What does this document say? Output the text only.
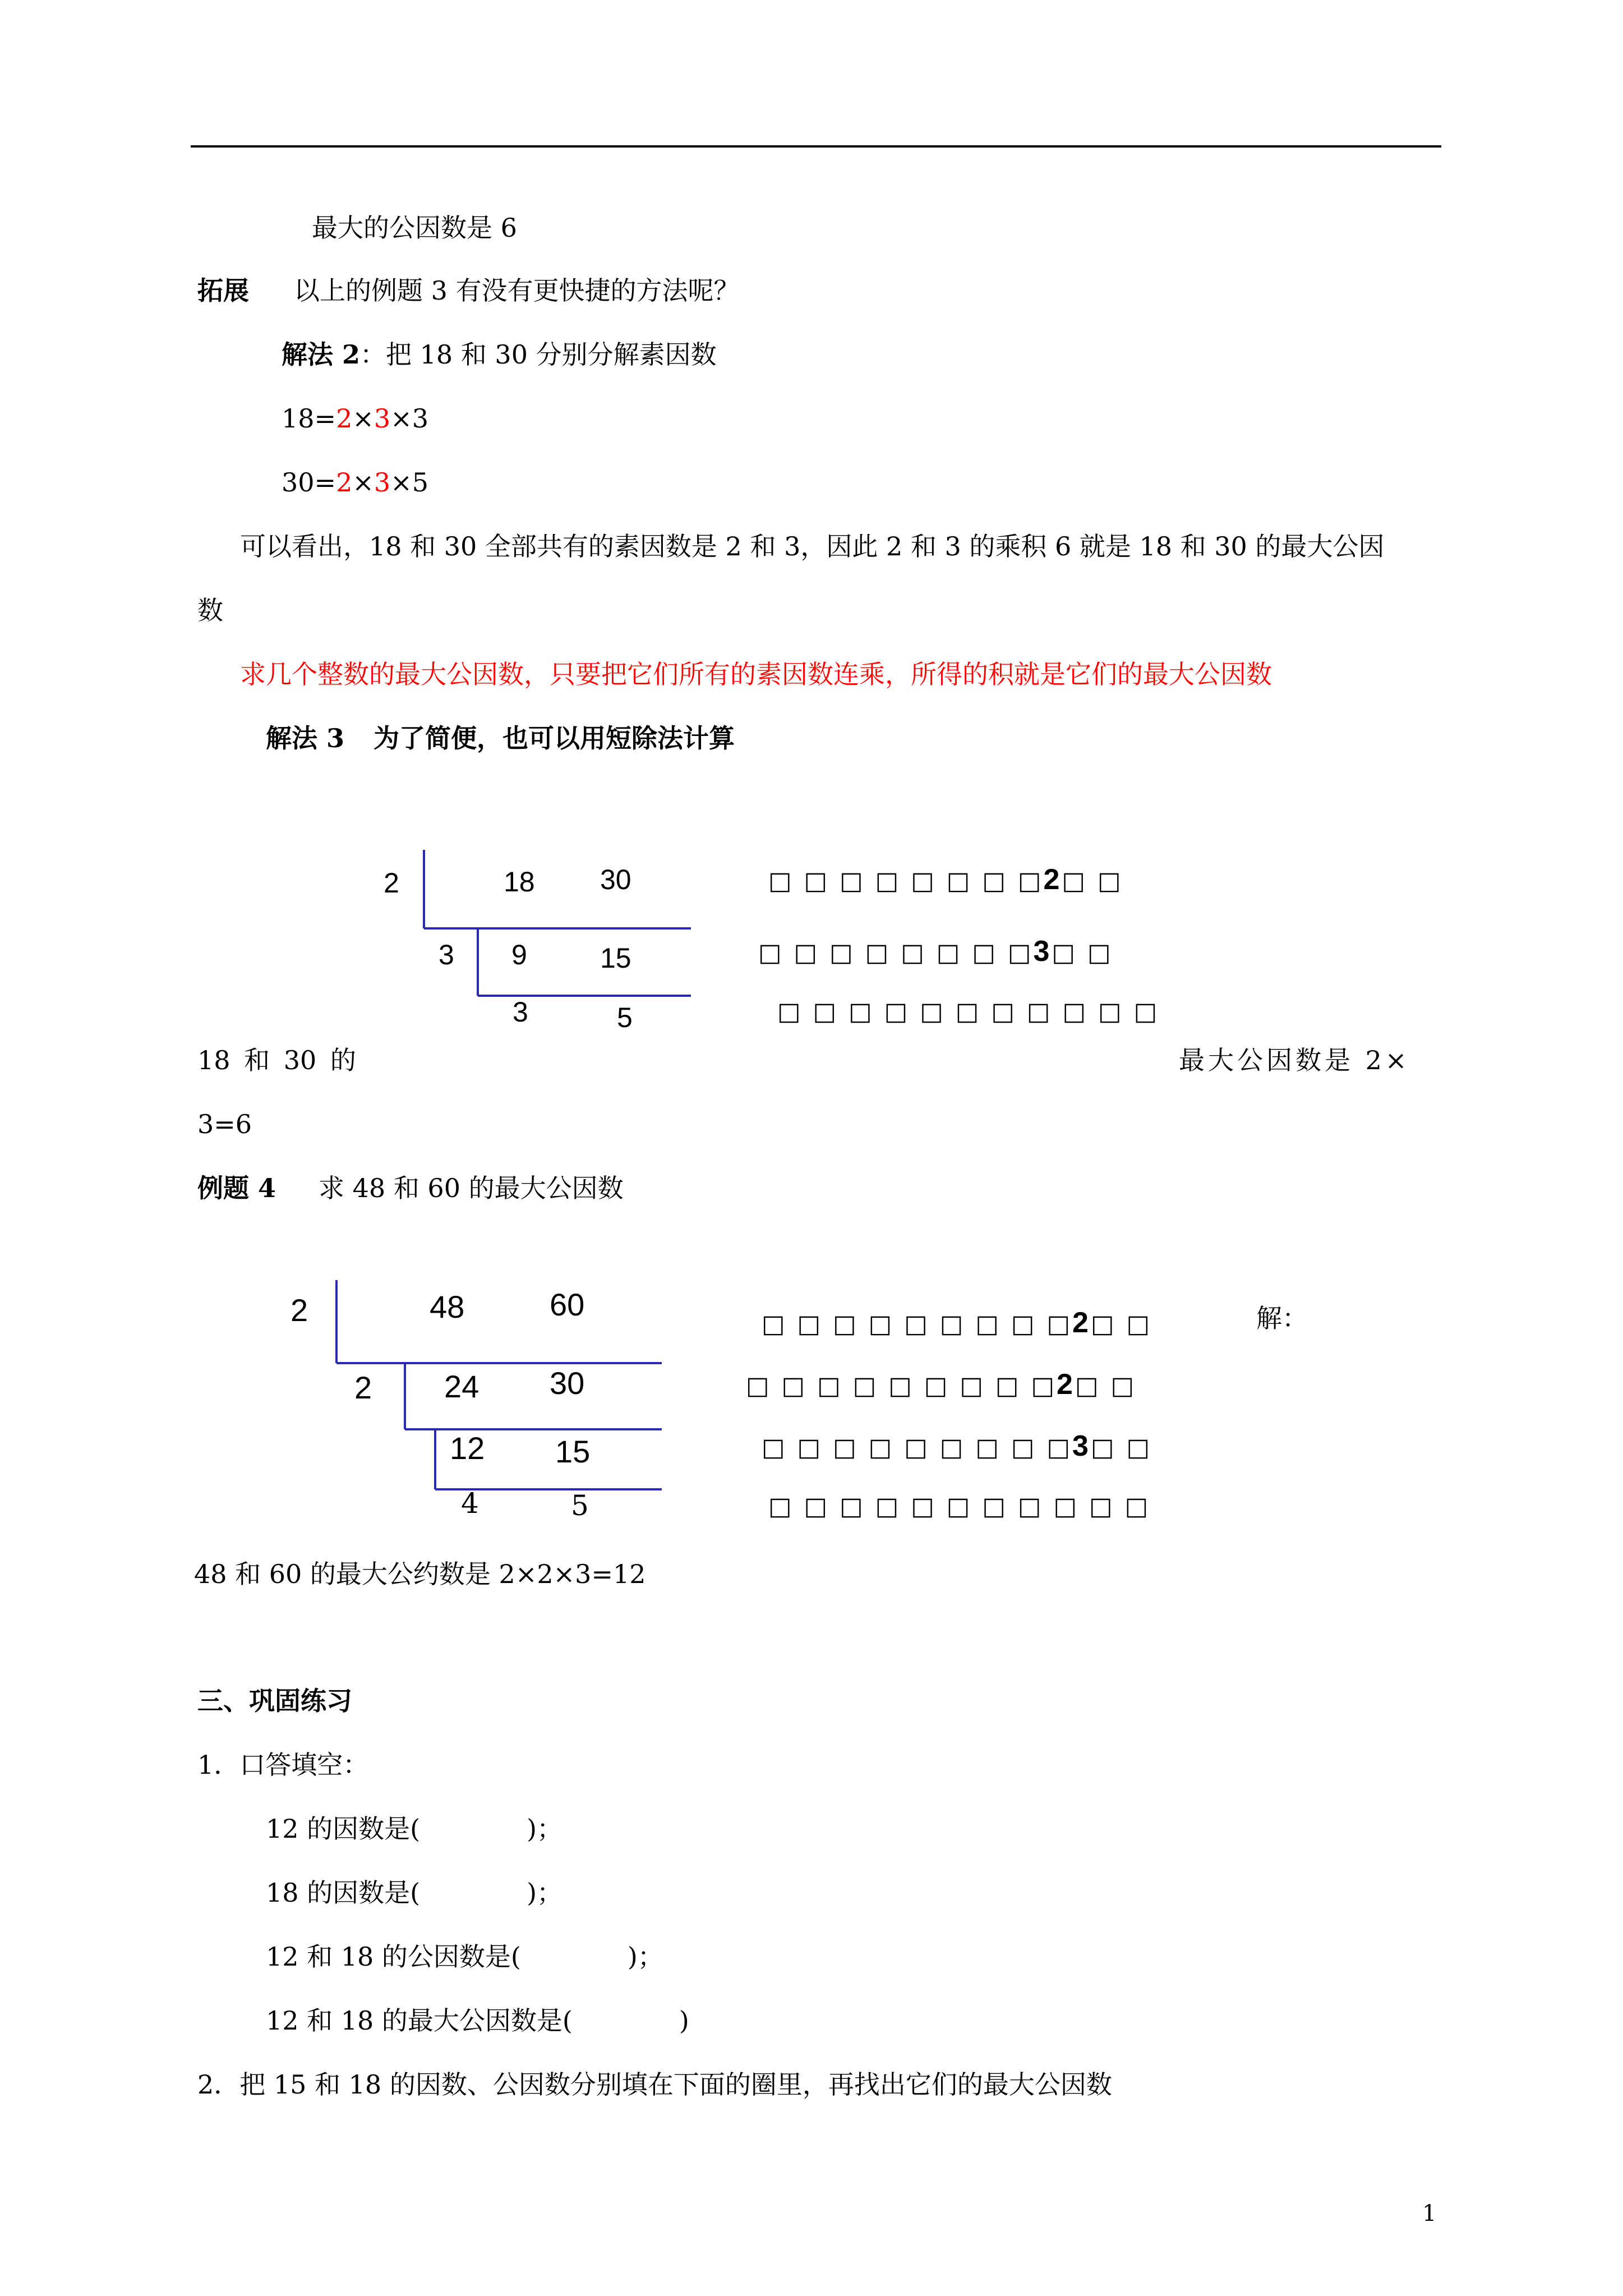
最大的公因数是 6
拓展 以上的例题 3 有没有更快捷的方法呢？
解法 2：把 18 和 30 分别分解素因数
18=2×3×3
30=2×3×5
可以看出，18 和 30 全部共有的素因数是 2 和 3，因此 2 和 3 的乘积 6 就是 18 和 30 的最大公因
数
求几个整数的最大公因数，只要把它们所有的素因数连乘，所得的积就是它们的最大公因数
解法 3 为了简便，也可以用短除法计算
2	18 30
3 9	15
3	5
□ □ □ □ □ □ □ □2□ □
□ □ □ □ □ □ □ □3□ □
□ □ □ □ □ □ □ □ □ □ □
18 和 30 的	最大公因数是 2×
3=6
例题 4 求 48 和 60 的最大公因数
2	48	60
2 24 30
12 15
4	5
□ □ □ □ □ □ □ □ □2□ □	解：
□ □ □ □ □ □ □ □ □2□ □
□ □ □ □ □ □ □ □ □3□ □
□ □ □ □ □ □ □ □ □ □ □
48 和 60 的最大公约数是 2×2×3=12
三、巩固练习
1．口答填空：
12 的因数是(	)；
18 的因数是(	)；
12 和 18 的公因数是(	)；
12 和 18 的最大公因数是(	)
2．把 15 和 18 的因数、公因数分别填在下面的圈里，再找出它们的最大公因数
1
